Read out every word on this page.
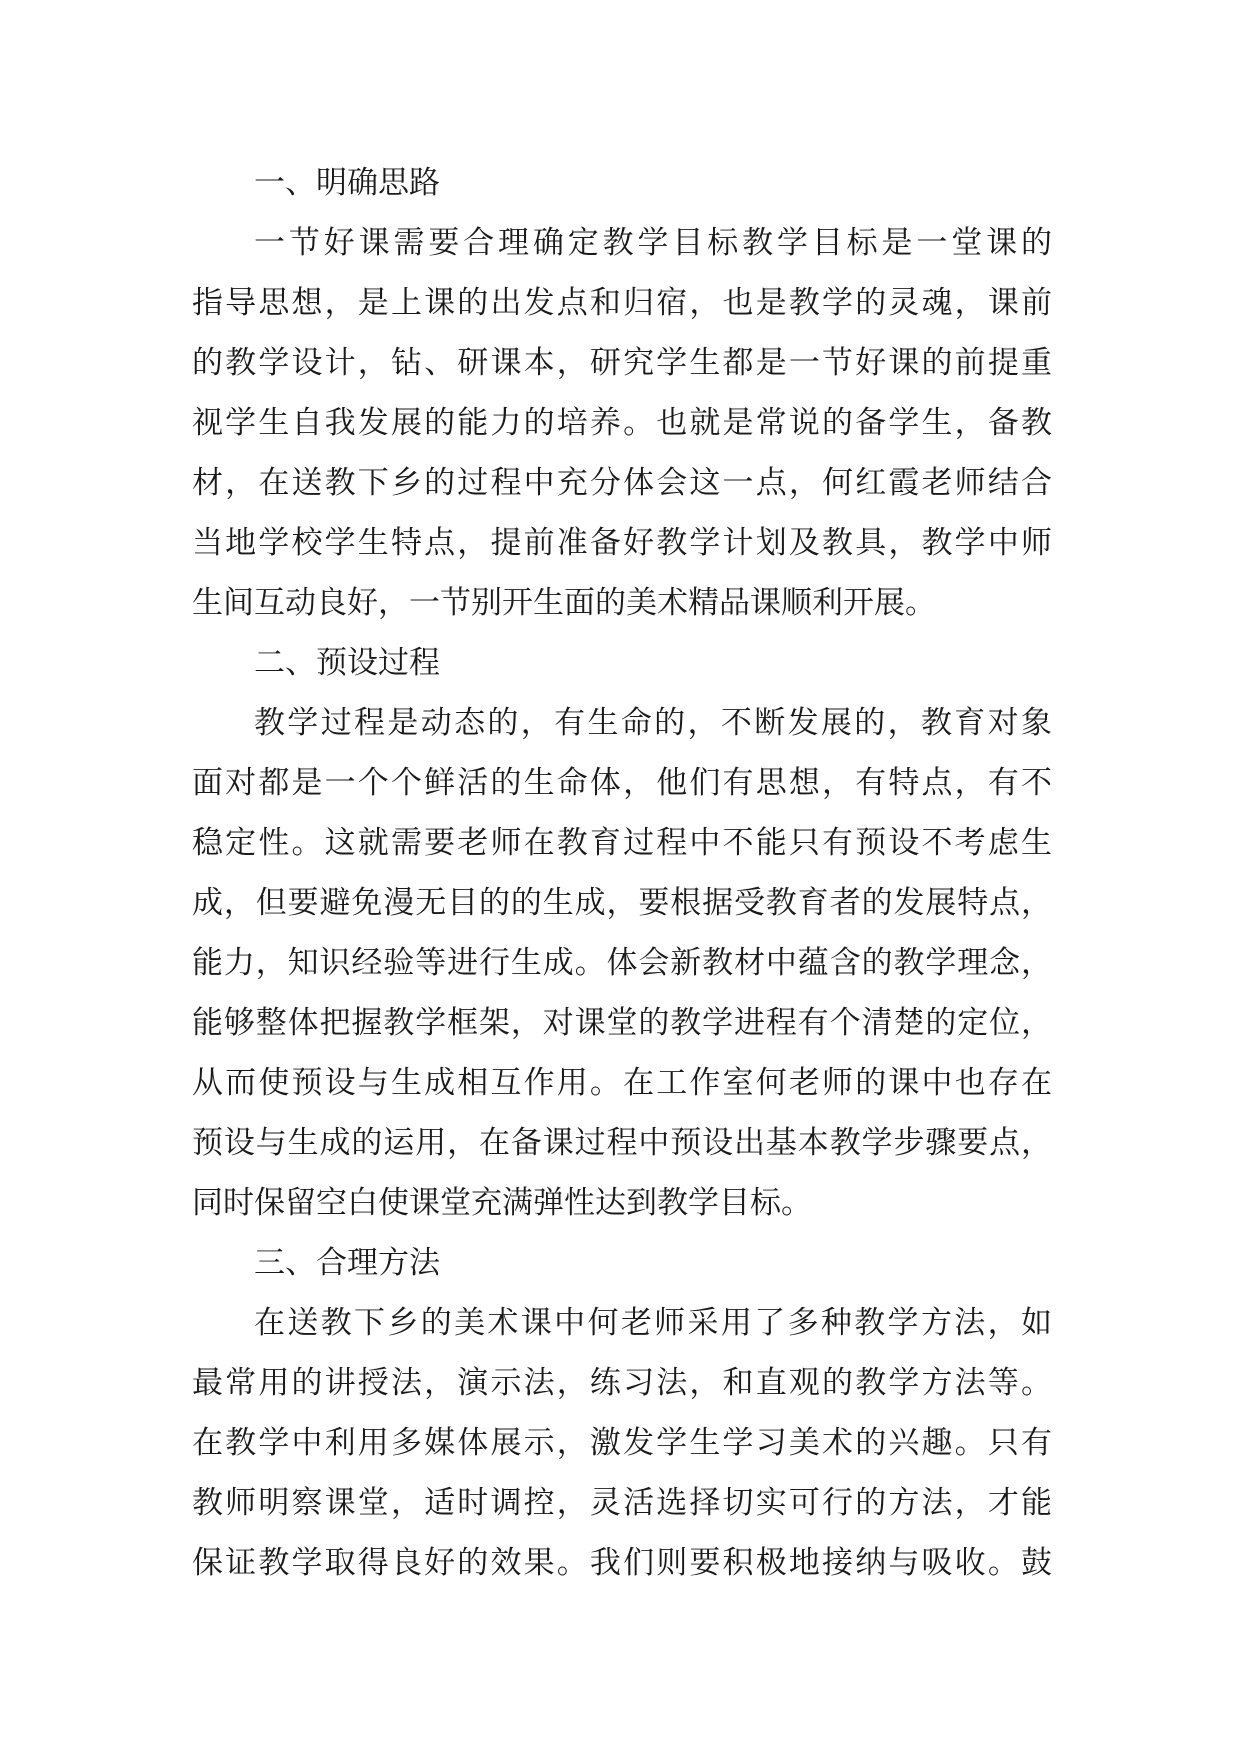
一、明确思路
一节好课需要合理确定教学目标教学目标是一堂课的
指导思想，是上课的出发点和归宿，也是教学的灵魂，课前
的教学设计，钻、研课本，研究学生都是一节好课的前提重
视学生自我发展的能力的培养。也就是常说的备学生，备教
材，在送教下乡的过程中充分体会这一点，何红霞老师结合
当地学校学生特点，提前准备好教学计划及教具，教学中师
生间互动良好，一节别开生面的美术精品课顺利开展。
二、预设过程
教学过程是动态的，有生命的，不断发展的，教育对象
面对都是一个个鲜活的生命体，他们有思想，有特点，有不
稳定性。这就需要老师在教育过程中不能只有预设不考虑生
成，但要避免漫无目的的生成，要根据受教育者的发展特点，
能力，知识经验等进行生成。体会新教材中蕴含的教学理念，
能够整体把握教学框架，对课堂的教学进程有个清楚的定位，
从而使预设与生成相互作用。在工作室何老师的课中也存在
预设与生成的运用，在备课过程中预设出基本教学步骤要点，
同时保留空白使课堂充满弹性达到教学目标。
三、合理方法
在送教下乡的美术课中何老师采用了多种教学方法，如
最常用的讲授法，演示法，练习法，和直观的教学方法等。
在教学中利用多媒体展示，激发学生学习美术的兴趣。只有
教师明察课堂，适时调控，灵活选择切实可行的方法，才能
保证教学取得良好的效果。我们则要积极地接纳与吸收。鼓
